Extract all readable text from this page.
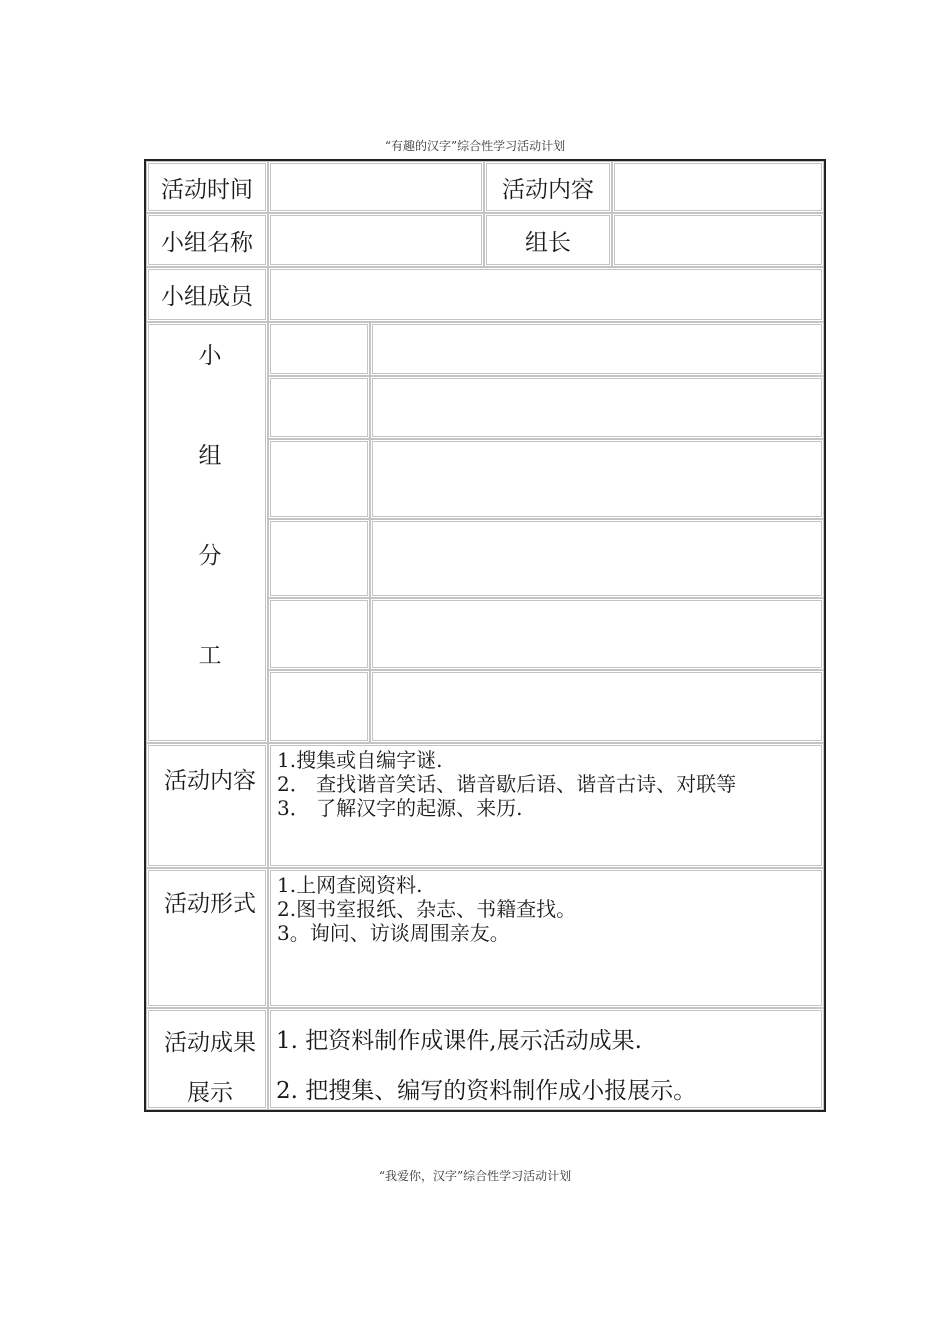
“有趣的汉字”综合性学习活动计划
活动时间	活动内容
小组名称	组长
小组成员
小
组
分
工
活动内容
1.搜集或自编字谜.
2． 查找谐音笑话、谐音歇后语、谐音古诗、对联等
3． 了解汉字的起源、来历.
活动形式
1.上网查阅资料.
2.图书室报纸、杂志、书籍查找。
3。询问、访谈周围亲友。
活动成果
展示
1. 把资料制作成课件,展示活动成果.
2. 把搜集、编写的资料制作成小报展示。
“我爱你，汉字”综合性学习活动计划
